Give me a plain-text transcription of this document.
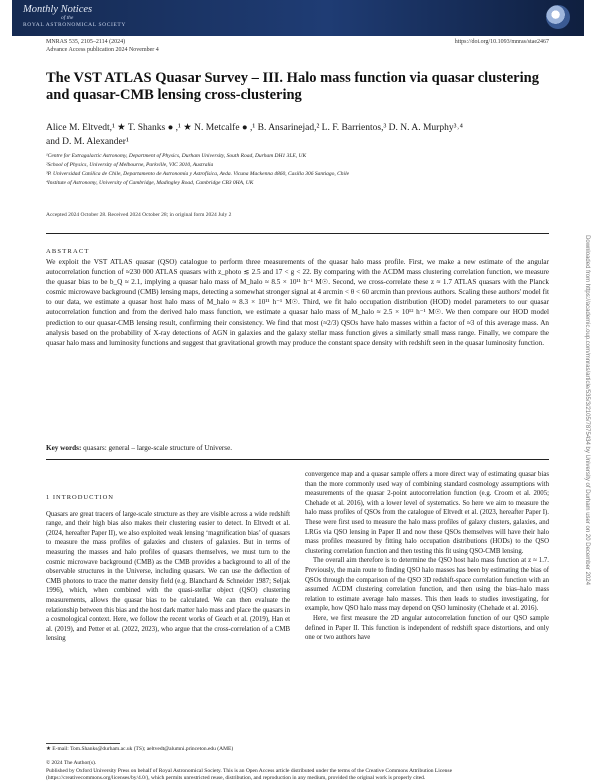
Monthly Notices
of the
ROYAL ASTRONOMICAL SOCIETY
MNRAS 535, 2105–2114 (2024)
Advance Access publication 2024 November 4
https://doi.org/10.1093/mnras/stae2467
The VST ATLAS Quasar Survey – III. Halo mass function via quasar clustering and quasar-CMB lensing cross-clustering
Alice M. Eltvedt,¹ ★ T. Shanks ● ,¹ ★ N. Metcalfe ● ,¹ B. Ansarinejad,² L. F. Barrientos,³ D. N. A. Murphy³˒⁴
and D. M. Alexander¹
¹Centre for Extragalactic Astronomy, Department of Physics, Durham University, South Road, Durham DH1 3LE, UK
²School of Physics, University of Melbourne, Parkville, VIC 3010, Australia
³P. Universidad Católica de Chile, Departamento de Astronomía y Astrofísica, Avda. Vicuna Mackenna 4860, Casilla 306 Santiago, Chile
⁴Institute of Astronomy, University of Cambridge, Madingley Road, Cambridge CB3 0HA, UK
Accepted 2024 October 28. Received 2024 October 28; in original form 2024 July 2
ABSTRACT
We exploit the VST ATLAS quasar (QSO) catalogue to perform three measurements of the quasar halo mass profile. First, we make a new estimate of the angular autocorrelation function of ≈230 000 ATLAS quasars with z_photo ≲ 2.5 and 17 < g < 22. By comparing with the ΛCDM mass clustering correlation function, we measure the quasar bias to be b_Q ≈ 2.1, implying a quasar halo mass of M_halo ≈ 8.5 × 10¹¹ h⁻¹ M☉. Second, we cross-correlate these z ≈ 1.7 ATLAS quasars with the Planck cosmic microwave background (CMB) lensing maps, detecting a somewhat stronger signal at 4 arcmin < θ < 60 arcmin than previous authors. Scaling these authors' model fit to our data, we estimate a quasar host halo mass of M_halo ≈ 8.3 × 10¹¹ h⁻¹ M☉. Third, we fit halo occupation distribution (HOD) model parameters to our quasar autocorrelation function and from the derived halo mass function, we estimate a quasar halo mass of M_halo ≈ 2.5 × 10¹² h⁻¹ M☉. We then compare our HOD model prediction to our quasar-CMB lensing result, confirming their consistency. We find that most (≈2/3) QSOs have halo masses within a factor of ≈3 of this average mass. An analysis based on the probability of X-ray detections of AGN in galaxies and the galaxy stellar mass function gives a similarly small mass range. Finally, we compare the quasar halo mass and luminosity functions and suggest that gravitational growth may produce the constant space density with redshift seen in the quasar luminosity function.
Key words: quasars: general – large-scale structure of Universe.
1 INTRODUCTION

Quasars are great tracers of large-scale structure as they are visible across a wide redshift range, and their high bias also makes their clustering easier to detect. In Eltvedt et al. (2024, hereafter Paper II), we also exploited weak lensing ‘magnification bias’ of quasars to measure the mass profiles of galaxies and clusters of galaxies. But in terms of measuring the masses and halo profiles of quasars themselves, we must turn to the cosmic microwave background (CMB) as the CMB provides a background to all of the observable structures in the Universe, including quasars. We can use the deflection of CMB photons to trace the matter density field (e.g. Blanchard & Schneider 1987; Seljak 1996), which, when combined with the quasi-stellar object (QSO) clustering measurements, allows the quasar bias to be calculated. We can then evaluate the relationship between this bias and the host dark matter halo mass and place the quasars in a cosmological context. Here, we follow the recent works of Geach et al. (2019), Han et al. (2019), and Petter et al. (2022, 2023), who argue that the cross-correlation of a CMB lensing

convergence map and a quasar sample offers a more direct way of estimating quasar bias than the more commonly used way of combining standard cosmology assumptions with measurements of the quasar 2-point autocorrelation function (e.g. Croom et al. 2005; Chehade et al. 2016), with a lower level of systematics. So here we aim to measure the halo mass profiles of QSOs from the catalogue of Eltvedt et al. (2023, hereafter Paper I). These were first used to measure the halo mass profiles of galaxy clusters, galaxies, and LRGs via QSO lensing in Paper II and now these QSOs themselves will have their halo mass profiles measured by fitting halo occupation distributions (HODs) to the QSO clustering correlation function and then testing this fit using QSO-CMB lensing.

The overall aim therefore is to determine the QSO host halo mass function at z ≈ 1.7. Previously, the main route to finding QSO halo masses has been by estimating the bias of QSOs through the comparison of the QSO 3D redshift-space correlation function with an assumed ΛCDM clustering correlation function, and then using the bias–halo mass relation to estimate average halo masses. This then leads to studies investigating, for example, how QSO halo mass may depend on QSO luminosity (Chehade et al. 2016).

Here, we first measure the 2D angular autocorrelation function of our QSO sample defined in Paper II. This function is independent of redshift space distortions, and only one or two authors have

★ E-mail: Tom.Shanks@durham.ac.uk (TS); aeltvedt@alumni.princeton.edu (AME)
© 2024 The Author(s).
Published by Oxford University Press on behalf of Royal Astronomical Society. This is an Open Access article distributed under the terms of the Creative Commons Attribution License (https://creativecommons.org/licenses/by/4.0/), which permits unrestricted reuse, distribution, and reproduction in any medium, provided the original work is properly cited.
Downloaded from https://academic.oup.com/mnras/article/535/3/2105/7875434 by University of Durham user on 20 December 2024
